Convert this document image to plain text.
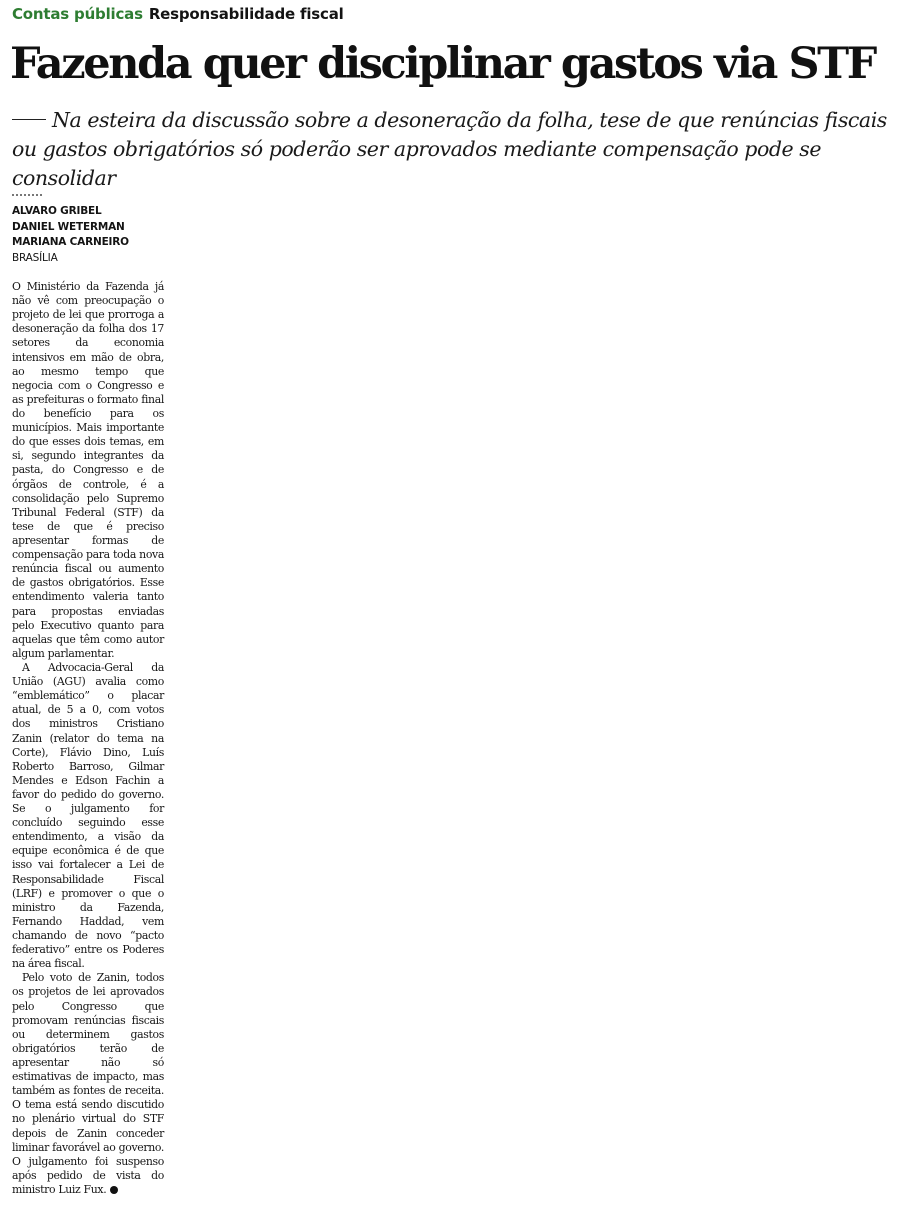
Contas públicas Responsabilidade fiscal
Fazenda quer disciplinar gastos via STF

Na esteira da discussão sobre a desoneração da folha, tese de que renúncias fiscais ou gastos obrigatórios só poderão ser aprovados mediante compensação pode se consolidar

ALVARO GRIBEL
DANIEL WETERMAN
MARIANA CARNEIRO
BRASÍLIA

O Ministério da Fazenda já não vê com preocupação o projeto de lei que prorroga a desoneração da folha dos 17 setores da economia intensivos em mão de obra, ao mesmo tempo que negocia com o Congresso e as prefeituras o formato final do benefício para os municípios. Mais importante do que esses dois temas, em si, segundo integrantes da pasta, do Congresso e de órgãos de controle, é a consolidação pelo Supremo Tribunal Federal (STF) da tese de que é preciso apresentar formas de compensação para toda nova renúncia fiscal ou aumento de gastos obrigatórios. Esse entendimento valeria tanto para propostas enviadas pelo Executivo quanto para aquelas que têm como autor algum parlamentar.

A Advocacia-Geral da União (AGU) avalia como “emblemático” o placar atual, de 5 a 0, com votos dos ministros Cristiano Zanin (relator do tema na Corte), Flávio Dino, Luís Roberto Barroso, Gilmar Mendes e Edson Fachin a favor do pedido do governo. Se o julgamento for concluído seguindo esse entendimento, a visão da equipe econômica é de que isso vai fortalecer a Lei de Responsabilidade Fiscal (LRF) e promover o que o ministro da Fazenda, Fernando Haddad, vem chamando de novo “pacto federativo” entre os Poderes na área fiscal.

Pelo voto de Zanin, todos os projetos de lei aprovados pelo Congresso que promovam renúncias fiscais ou determinem gastos obrigatórios terão de apresentar não só estimativas de impacto, mas também as fontes de receita. O tema está sendo discutido no plenário virtual do STF depois de Zanin conceder liminar favorável ao governo. O julgamento foi suspenso após pedido de vista do ministro Luiz Fux.
